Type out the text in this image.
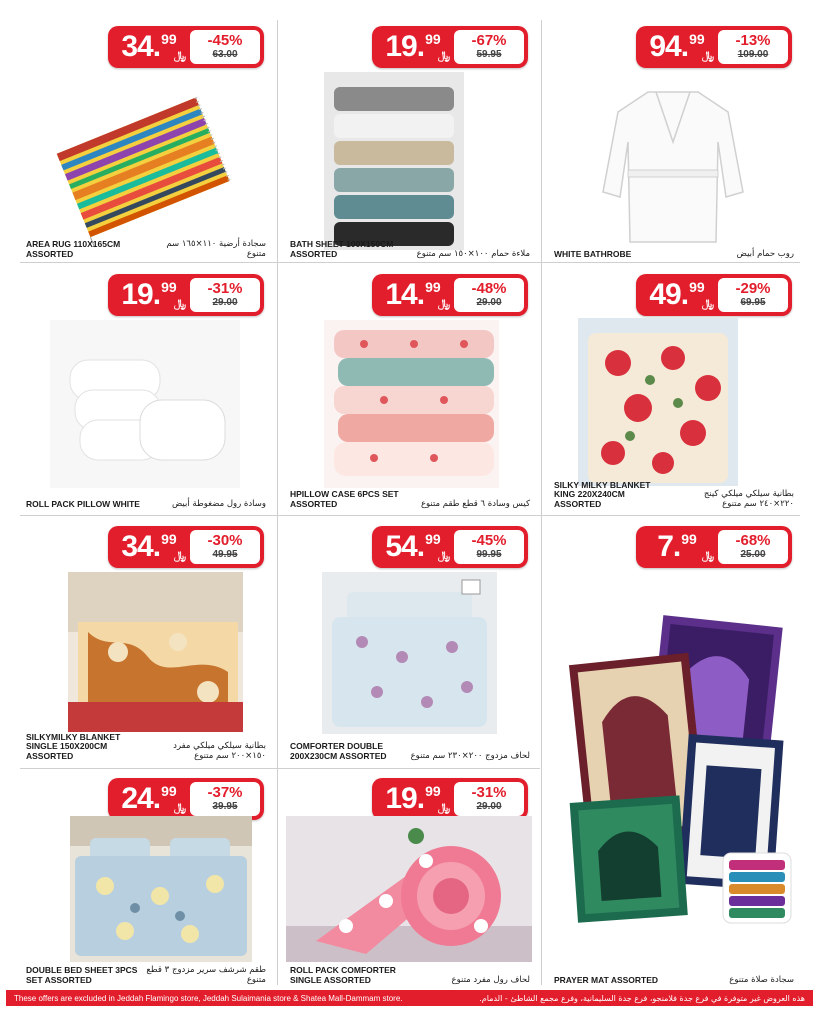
34. 99
﷼
-45%
63.00
AREA RUG 110X165CM ASSORTED
سجادة أرضية ١١٠×١٦٥ سم متنوع
19. 99
﷼
-67%
59.95
BATH SHEET 100X150CM ASSORTED	ملاءة حمام ١٠٠×١٥٠ سم متنوع
94. 99
﷼
-13%
109.00
WHITE BATHROBE	روب حمام أبيض
19. 99
﷼
-31%
29.00
ROLL PACK PILLOW WHITE	وسادة رول مضغوطة أبيض
14. 99
﷼
-48%
29.00
HPILLOW CASE 6PCS SET ASSORTED	كيس وسادة ٦ قطع طقم متنوع
49. 99
﷼
-29%
69.95
SILKY MILKY BLANKET KING 220X240CM ASSORTED
بطانية سيلكي ميلكي كينج ٢٢٠×٢٤٠ سم متنوع
34. 99
﷼
-30%
49.95
SILKYMILKY BLANKET SINGLE 150X200CM ASSORTED
بطانية سيلكي ميلكي مفرد ١٥٠×٢٠٠ سم متنوع
54. 99
﷼
-45%
99.95
COMFORTER DOUBLE 200X230CM ASSORTED	لحاف مزدوج ٢٠٠×٢٣٠ سم متنوع
7. 99
﷼
-68%
25.00
PRAYER MAT ASSORTED	سجادة صلاة متنوع
24. 99
﷼
-37%
39.95
DOUBLE BED SHEET 3PCS SET ASSORTED
طقم شرشف سرير مزدوج ٣ قطع متنوع
19. 99
﷼
-31%
29.00
ROLL PACK COMFORTER SINGLE ASSORTED	لحاف رول مفرد متنوع
These offers are excluded in Jeddah Flamingo store, Jeddah Sulaimania store & Shatea Mall-Dammam store.	هذه العروض غير متوفرة في فرع جدة فلامنجو، فرع جدة السليمانية، وفرع مجمع الشاطئ - الدمام.
